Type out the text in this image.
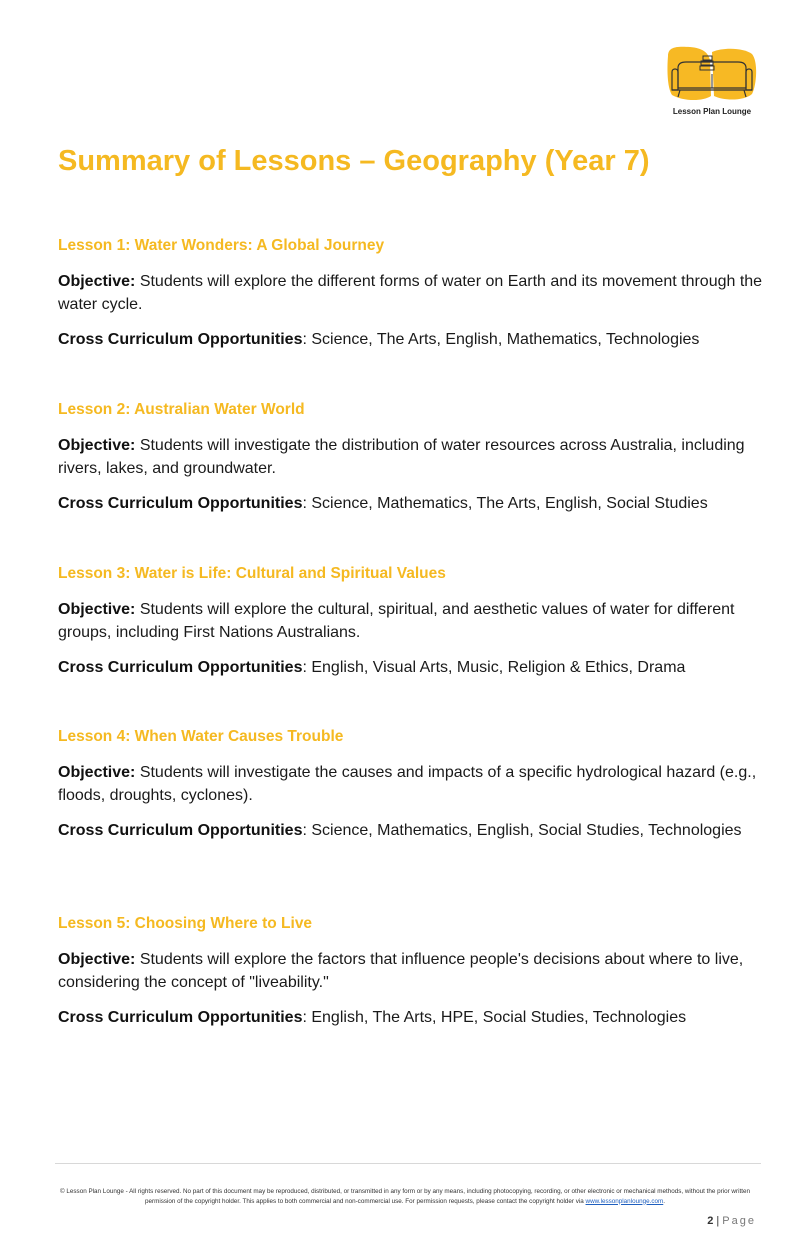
Lesson Plan Lounge
Summary of Lessons – Geography (Year 7)
Lesson 1: Water Wonders: A Global Journey

Objective: Students will explore the different forms of water on Earth and its movement through the water cycle.

Cross Curriculum Opportunities: Science, The Arts, English, Mathematics, Technologies

Lesson 2: Australian Water World

Objective: Students will investigate the distribution of water resources across Australia, including rivers, lakes, and groundwater.

Cross Curriculum Opportunities: Science, Mathematics, The Arts, English, Social Studies

Lesson 3: Water is Life: Cultural and Spiritual Values

Objective: Students will explore the cultural, spiritual, and aesthetic values of water for different groups, including First Nations Australians.

Cross Curriculum Opportunities: English, Visual Arts, Music, Religion & Ethics, Drama

Lesson 4: When Water Causes Trouble

Objective: Students will investigate the causes and impacts of a specific hydrological hazard (e.g., floods, droughts, cyclones).

Cross Curriculum Opportunities: Science, Mathematics, English, Social Studies, Technologies

Lesson 5: Choosing Where to Live

Objective: Students will explore the factors that influence people's decisions about where to live, considering the concept of "liveability."

Cross Curriculum Opportunities: English, The Arts, HPE, Social Studies, Technologies

© Lesson Plan Lounge - All rights reserved. No part of this document may be reproduced, distributed, or transmitted in any form or by any means, including photocopying, recording, or other electronic or mechanical methods, without the prior written permission of the copyright holder. This applies to both commercial and non-commercial use. For permission requests, please contact the copyright holder via www.lessonplanlounge.com.
2 | Page
